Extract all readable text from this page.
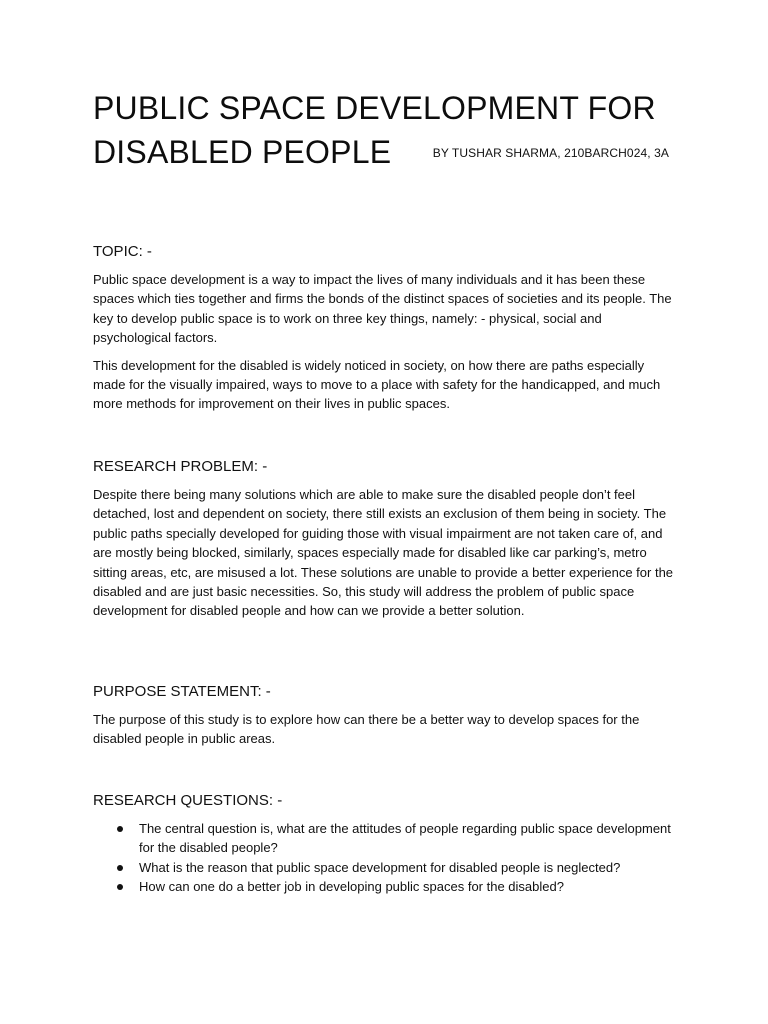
PUBLIC SPACE DEVELOPMENT FOR
DISABLED PEOPLE	BY TUSHAR SHARMA, 210BARCH024, 3A
TOPIC: -

Public space development is a way to impact the lives of many individuals and it has been these spaces which ties together and firms the bonds of the distinct spaces of societies and its people. The key to develop public space is to work on three key things, namely: - physical, social and psychological factors.

This development for the disabled is widely noticed in society, on how there are paths especially made for the visually impaired, ways to move to a place with safety for the handicapped, and much more methods for improvement on their lives in public spaces.

RESEARCH PROBLEM: -

Despite there being many solutions which are able to make sure the disabled people don’t feel detached, lost and dependent on society, there still exists an exclusion of them being in society. The public paths specially developed for guiding those with visual impairment are not taken care of, and are mostly being blocked, similarly, spaces especially made for disabled like car parking’s, metro sitting areas, etc, are misused a lot. These solutions are unable to provide a better experience for the disabled and are just basic necessities. So, this study will address the problem of public space development for disabled people and how can we provide a better solution.

PURPOSE STATEMENT: -

The purpose of this study is to explore how can there be a better way to develop spaces for the disabled people in public areas.

RESEARCH QUESTIONS: -
The central question is, what are the attitudes of people regarding public space development for the disabled people?
What is the reason that public space development for disabled people is neglected?
How can one do a better job in developing public spaces for the disabled?
